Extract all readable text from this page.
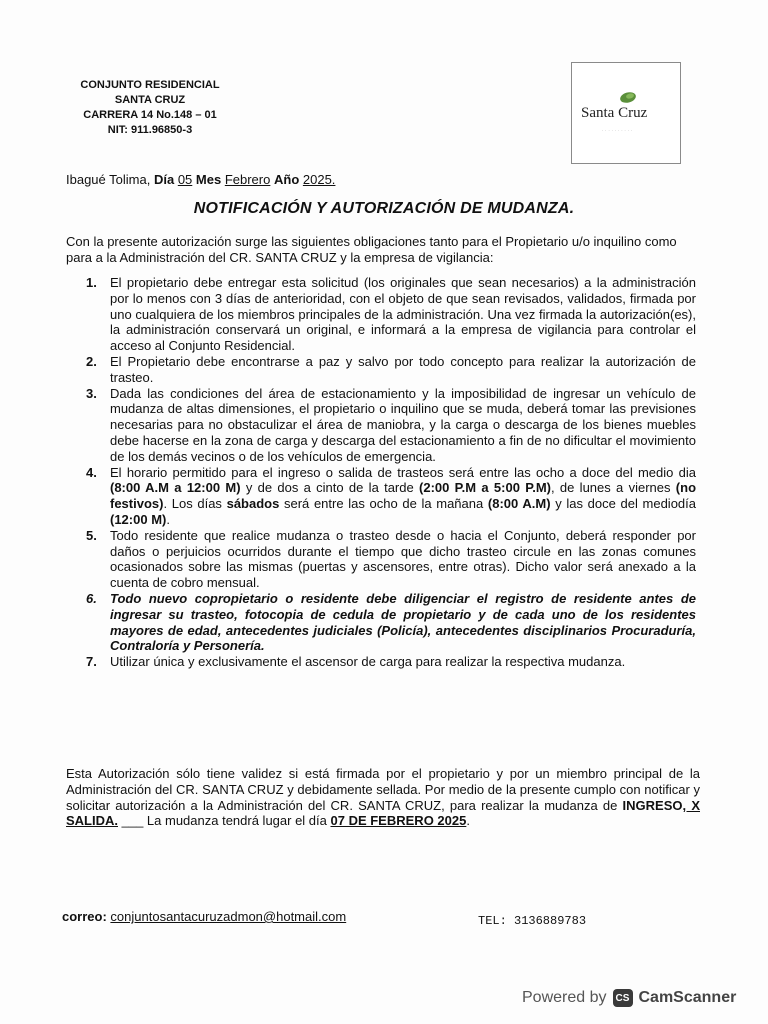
CONJUNTO RESIDENCIAL
SANTA CRUZ
CARRERA 14 No.148 – 01
NIT: 911.96850-3
Santa Cruz
. . . . . . . . . .
Ibagué Tolima, Día 05 Mes Febrero Año 2025.
NOTIFICACIÓN Y AUTORIZACIÓN DE MUDANZA.
Con la presente autorización surge las siguientes obligaciones tanto para el Propietario u/o inquilino como para a la Administración del CR. SANTA CRUZ y la empresa de vigilancia:
1. El propietario debe entregar esta solicitud (los originales que sean necesarios) a la administración por lo menos con 3 días de anterioridad, con el objeto de que sean revisados, validados, firmada por uno cualquiera de los miembros principales de la administración. Una vez firmada la autorización(es), la administración conservará un original, e informará a la empresa de vigilancia para controlar el acceso al Conjunto Residencial.
2. El Propietario debe encontrarse a paz y salvo por todo concepto para realizar la autorización de trasteo.
3. Dada las condiciones del área de estacionamiento y la imposibilidad de ingresar un vehículo de mudanza de altas dimensiones, el propietario o inquilino que se muda, deberá tomar las previsiones necesarias para no obstaculizar el área de maniobra, y la carga o descarga de los bienes muebles debe hacerse en la zona de carga y descarga del estacionamiento a fin de no dificultar el movimiento de los demás vecinos o de los vehículos de emergencia.
4. El horario permitido para el ingreso o salida de trasteos será entre las ocho a doce del medio dia (8:00 A.M a 12:00 M) y de dos a cinto de la tarde (2:00 P.M a 5:00 P.M), de lunes a viernes (no festivos). Los días sábados será entre las ocho de la mañana (8:00 A.M) y las doce del mediodía (12:00 M).
5. Todo residente que realice mudanza o trasteo desde o hacia el Conjunto, deberá responder por daños o perjuicios ocurridos durante el tiempo que dicho trasteo circule en las zonas comunes ocasionados sobre las mismas (puertas y ascensores, entre otras). Dicho valor será anexado a la cuenta de cobro mensual.
6. Todo nuevo copropietario o residente debe diligenciar el registro de residente antes de ingresar su trasteo, fotocopia de cedula de propietario y de cada uno de los residentes mayores de edad, antecedentes judiciales (Policía), antecedentes disciplinarios Procuraduría, Contraloría y Personería.
7. Utilizar única y exclusivamente el ascensor de carga para realizar la respectiva mudanza.
Esta Autorización sólo tiene validez si está firmada por el propietario y por un miembro principal de la Administración del CR. SANTA CRUZ y debidamente sellada. Por medio de la presente cumplo con notificar y solicitar autorización a la Administración del CR. SANTA CRUZ, para realizar la mudanza de INGRESO, X SALIDA. ___ La mudanza tendrá lugar el día 07 DE FEBRERO 2025.
correo: conjuntosantacuruzadmon@hotmail.com	TEL: 3136889783
Powered by CS CamScanner
